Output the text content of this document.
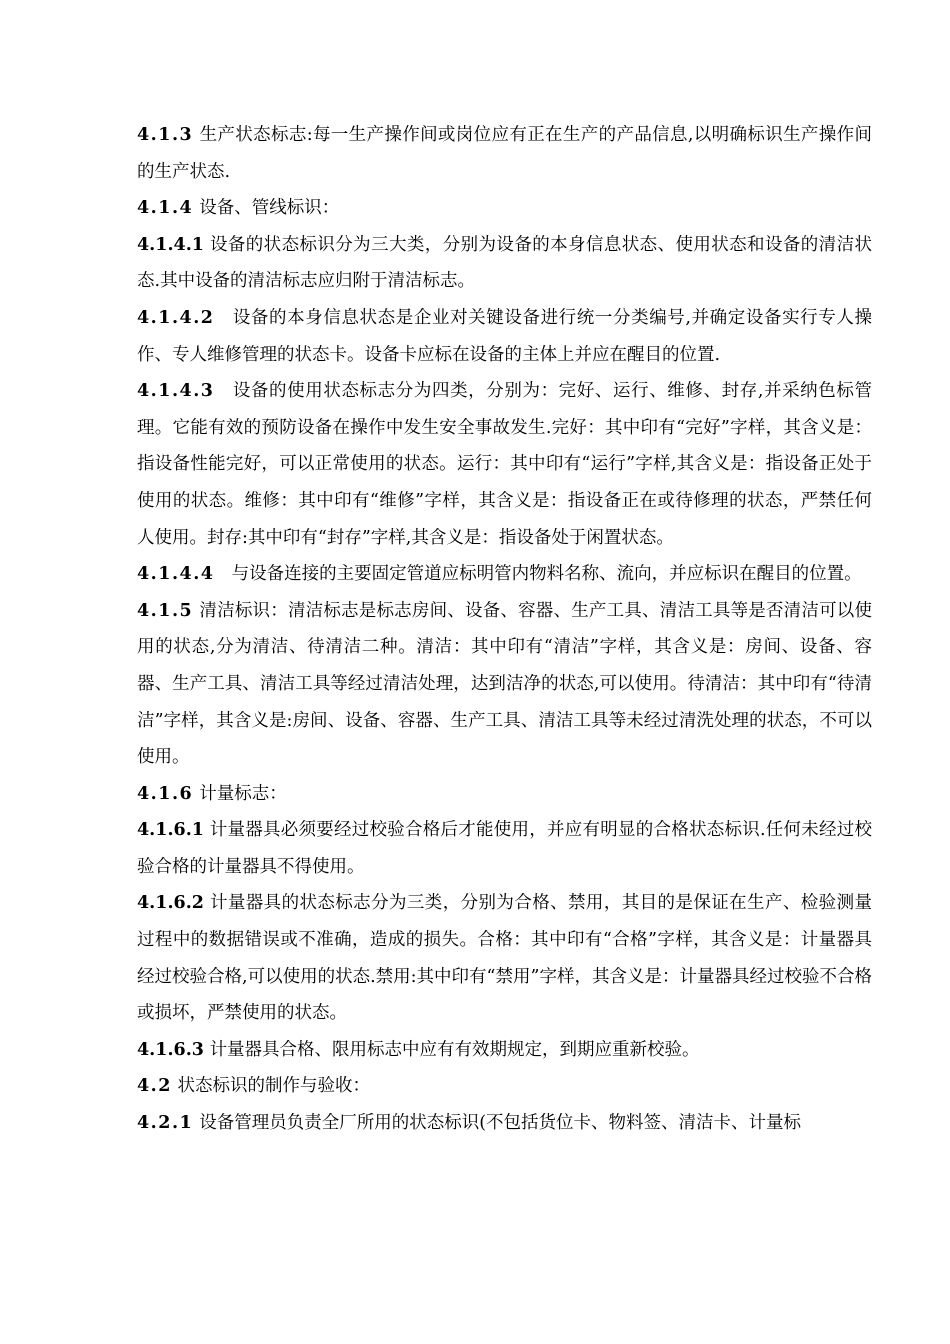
4.1.3 生产状态标志:每一生产操作间或岗位应有正在生产的产品信息,以明确标识生产操作间的生产状态.

4.1.4 设备、管线标识：

4.1.4.1 设备的状态标识分为三大类，分别为设备的本身信息状态、使用状态和设备的清洁状态.其中设备的清洁标志应归附于清洁标志。

4.1.4.2 设备的本身信息状态是企业对关键设备进行统一分类编号,并确定设备实行专人操作、专人维修管理的状态卡。设备卡应标在设备的主体上并应在醒目的位置.

4.1.4.3 设备的使用状态标志分为四类，分别为：完好、运行、维修、封存,并采纳色标管理。它能有效的预防设备在操作中发生安全事故发生.完好：其中印有“完好”字样，其含义是：指设备性能完好，可以正常使用的状态。运行：其中印有“运行”字样,其含义是：指设备正处于使用的状态。维修：其中印有“维修”字样，其含义是：指设备正在或待修理的状态，严禁任何人使用。封存:其中印有“封存”字样,其含义是：指设备处于闲置状态。

4.1.4.4 与设备连接的主要固定管道应标明管内物料名称、流向，并应标识在醒目的位置。

4.1.5 清洁标识：清洁标志是标志房间、设备、容器、生产工具、清洁工具等是否清洁可以使用的状态,分为清洁、待清洁二种。清洁：其中印有“清洁”字样，其含义是：房间、设备、容器、生产工具、清洁工具等经过清洁处理，达到洁净的状态,可以使用。待清洁：其中印有“待清洁”字样，其含义是:房间、设备、容器、生产工具、清洁工具等未经过清洗处理的状态，不可以使用。

4.1.6 计量标志：

4.1.6.1 计量器具必须要经过校验合格后才能使用，并应有明显的合格状态标识.任何未经过校验合格的计量器具不得使用。

4.1.6.2 计量器具的状态标志分为三类，分别为合格、禁用，其目的是保证在生产、检验测量过程中的数据错误或不准确，造成的损失。合格：其中印有“合格”字样，其含义是：计量器具经过校验合格,可以使用的状态.禁用:其中印有“禁用”字样，其含义是：计量器具经过校验不合格或损坏，严禁使用的状态。

4.1.6.3 计量器具合格、限用标志中应有有效期规定，到期应重新校验。

4.2 状态标识的制作与验收：

4.2.1 设备管理员负责全厂所用的状态标识(不包括货位卡、物料签、清洁卡、计量标
